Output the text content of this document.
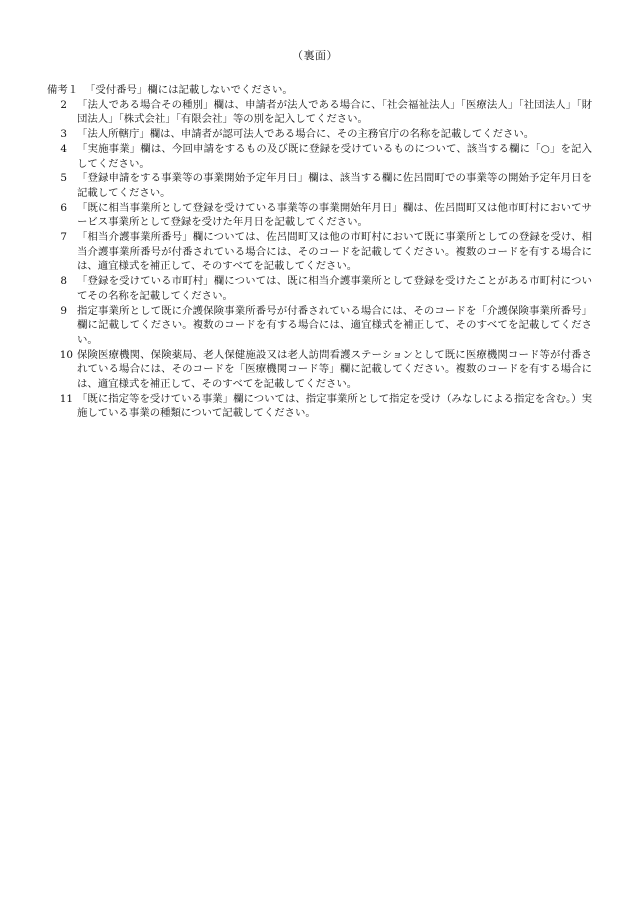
（裏面）
備考１ 「受付番号」欄には記載しないでください。
2 「法人である場合その種別」欄は、申請者が法人である場合に、「社会福祉法人」「医療法人」「社団法人」「財団法人」「株式会社」「有限会社」等の別を記入してください。
3 「法人所轄庁」欄は、申請者が認可法人である場合に、その主務官庁の名称を記載してください。
4 「実施事業」欄は、今回申請をするもの及び既に登録を受けているものについて、該当する欄に「○」を記入してください。
5 「登録申請をする事業等の事業開始予定年月日」欄は、該当する欄に佐呂間町での事業等の開始予定年月日を記載してください。
6 「既に相当事業所として登録を受けている事業等の事業開始年月日」欄は、佐呂間町又は他市町村においてサービス事業所として登録を受けた年月日を記載してください。
7 「相当介護事業所番号」欄については、佐呂間町又は他の市町村において既に事業所としての登録を受け、相当介護事業所番号が付番されている場合には、そのコードを記載してください。複数のコードを有する場合には、適宜様式を補正して、そのすべてを記載してください。
8 「登録を受けている市町村」欄については、既に相当介護事業所として登録を受けたことがある市町村についてその名称を記載してください。
9 指定事業所として既に介護保険事業所番号が付番されている場合には、そのコードを「介護保険事業所番号」欄に記載してください。複数のコードを有する場合には、適宜様式を補正して、そのすべてを記載してください。
10 保険医療機関、保険薬局、老人保健施設又は老人訪問看護ステーションとして既に医療機関コード等が付番されている場合には、そのコードを「医療機関コード等」欄に記載してください。複数のコードを有する場合には、適宜様式を補正して、そのすべてを記載してください。
11 「既に指定等を受けている事業」欄については、指定事業所として指定を受け（みなしによる指定を含む。）実施している事業の種類について記載してください。
